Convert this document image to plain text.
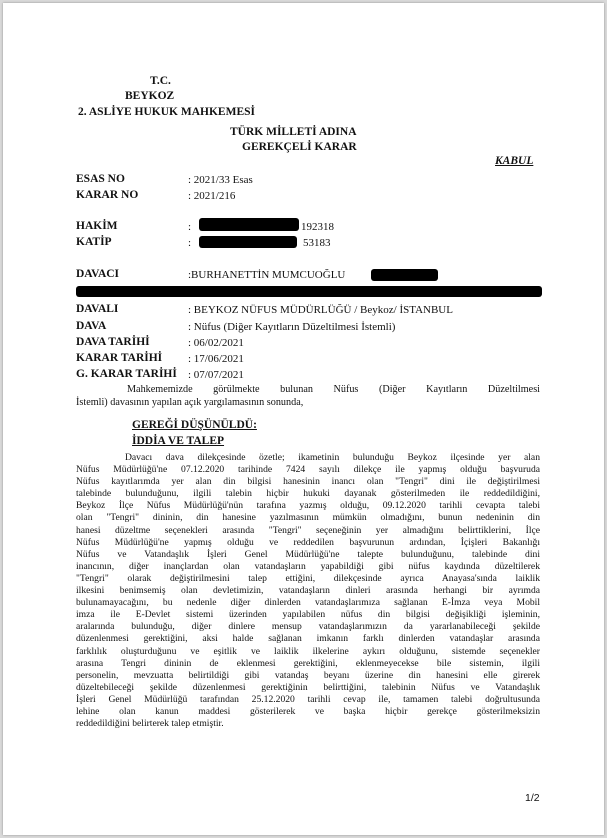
T.C.
BEYKOZ
2. ASLİYE HUKUK MAHKEMESİ
TÜRK MİLLETİ ADINA
GEREKÇELİ KARAR
KABUL
ESAS NO	: 2021/33 Esas
KARAR NO	: 2021/216
HAKİM	:	192318
KATİP	:	53183
DAVACI	:BURHANETTİN MUMCUOĞLU
DAVALI	: BEYKOZ NÜFUS MÜDÜRLÜĞÜ / Beykoz/ İSTANBUL
DAVA	: Nüfus (Diğer Kayıtların Düzeltilmesi İstemli)
DAVA TARİHİ	: 06/02/2021
KARAR TARİHİ : 17/06/2021
G. KARAR TARİHİ : 07/07/2021
Mahkememizde görülmekte bulunan Nüfus (Diğer Kayıtların Düzeltilmesi
İstemli) davasının yapılan açık yargılamasının sonunda,
GEREĞİ DÜŞÜNÜLDÜ:
İDDİA VE TALEP
Davacı dava dilekçesinde özetle; ikametinin bulunduğu Beykoz ilçesinde yer alan
Nüfus Müdürlüğü'ne 07.12.2020 tarihinde 7424 sayılı dilekçe ile yapmış olduğu başvuruda
Nüfus kayıtlarımda yer alan din bilgisi hanesinin inancı olan "Tengri" dini ile değiştirilmesi
talebinde bulunduğunu, ilgili talebin hiçbir hukuki dayanak gösterilmeden ile reddedildiğini,
Beykoz İlçe Nüfus Müdürlüğü'nün tarafına yazmış olduğu, 09.12.2020 tarihli cevapta talebi
olan "Tengri" dininin, din hanesine yazılmasının mümkün olmadığını, bunun nedeninin din
hanesi düzeltme seçenekleri arasında "Tengri" seçeneğinin yer almadığını belirttiklerini, İlçe
Nüfus Müdürlüğü'ne yapmış olduğu ve reddedilen başvurunun ardından, İçişleri Bakanlığı
Nüfus ve Vatandaşlık İşleri Genel Müdürlüğü'ne talepte bulunduğunu, talebinde dini
inancının, diğer inançlardan olan vatandaşların yapabildiği gibi nüfus kaydında düzeltilerek
"Tengri" olarak değiştirilmesini talep ettiğini, dilekçesinde ayrıca Anayasa'sında laiklik
ilkesini benimsemiş olan devletimizin, vatandaşların dinleri arasında herhangi bir ayrımda
bulunamayacağını, bu nedenle diğer dinlerden vatandaşlarımıza sağlanan E-İmza veya Mobil
imza ile E-Devlet sistemi üzerinden yapılabilen nüfus din bilgisi değişikliği işleminin,
aralarında bulunduğu, diğer dinlere mensup vatandaşlarımızın da yararlanabileceği şekilde
düzenlenmesi gerektiğini, aksi halde sağlanan imkanın farklı dinlerden vatandaşlar arasında
farklılık oluşturduğunu ve eşitlik ve laiklik ilkelerine aykırı olduğunu, sistemde seçenekler
arasına Tengri dininin de eklenmesi gerektiğini, eklenmeyecekse bile sistemin, ilgili
personelin, mevzuatta belirtildiği gibi vatandaş beyanı üzerine din hanesini elle girerek
düzeltebileceği şekilde düzenlenmesi gerektiğinin belirttiğini, talebinin Nüfus ve Vatandaşlık
İşleri Genel Müdürlüğü tarafından 25.12.2020 tarihli cevap ile, tamamen talebi doğrultusunda
lehine olan kanun maddesi gösterilerek ve başka hiçbir gerekçe gösterilmeksizin
reddedildiğini belirterek talep etmiştir.
1/2
